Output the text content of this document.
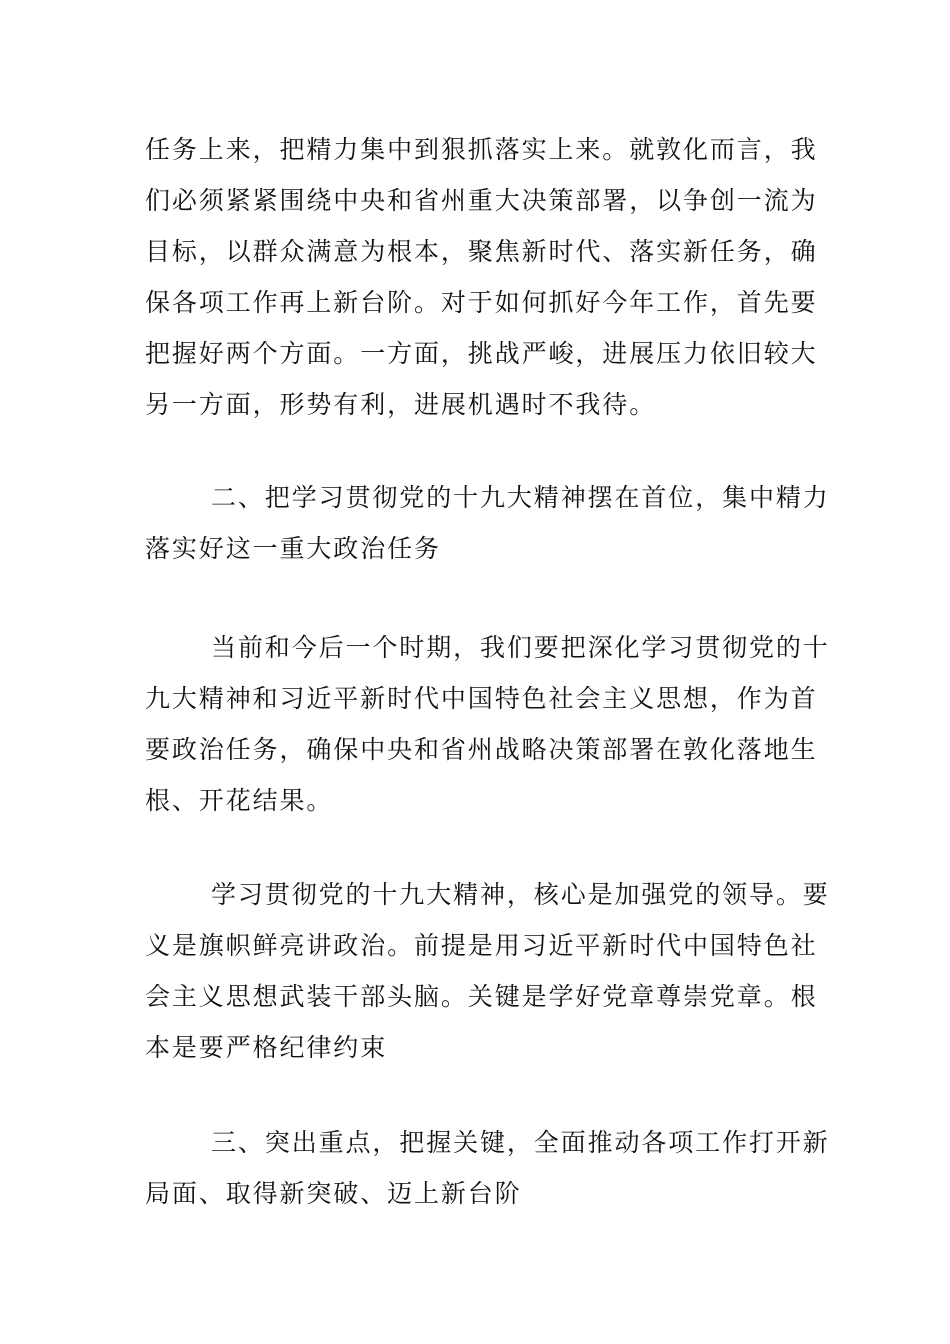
任务上来，把精力集中到狠抓落实上来。就敦化而言，我
们必须紧紧围绕中央和省州重大决策部署，以争创一流为
目标，以群众满意为根本，聚焦新时代、落实新任务，确
保各项工作再上新台阶。对于如何抓好今年工作，首先要
把握好两个方面。一方面，挑战严峻，进展压力依旧较大
另一方面，形势有利，进展机遇时不我待。
二、把学习贯彻党的十九大精神摆在首位，集中精力
落实好这一重大政治任务
当前和今后一个时期，我们要把深化学习贯彻党的十
九大精神和习近平新时代中国特色社会主义思想，作为首
要政治任务，确保中央和省州战略决策部署在敦化落地生
根、开花结果。
学习贯彻党的十九大精神，核心是加强党的领导。要
义是旗帜鲜亮讲政治。前提是用习近平新时代中国特色社
会主义思想武装干部头脑。关键是学好党章尊崇党章。根
本是要严格纪律约束
三、突出重点，把握关键，全面推动各项工作打开新
局面、取得新突破、迈上新台阶
